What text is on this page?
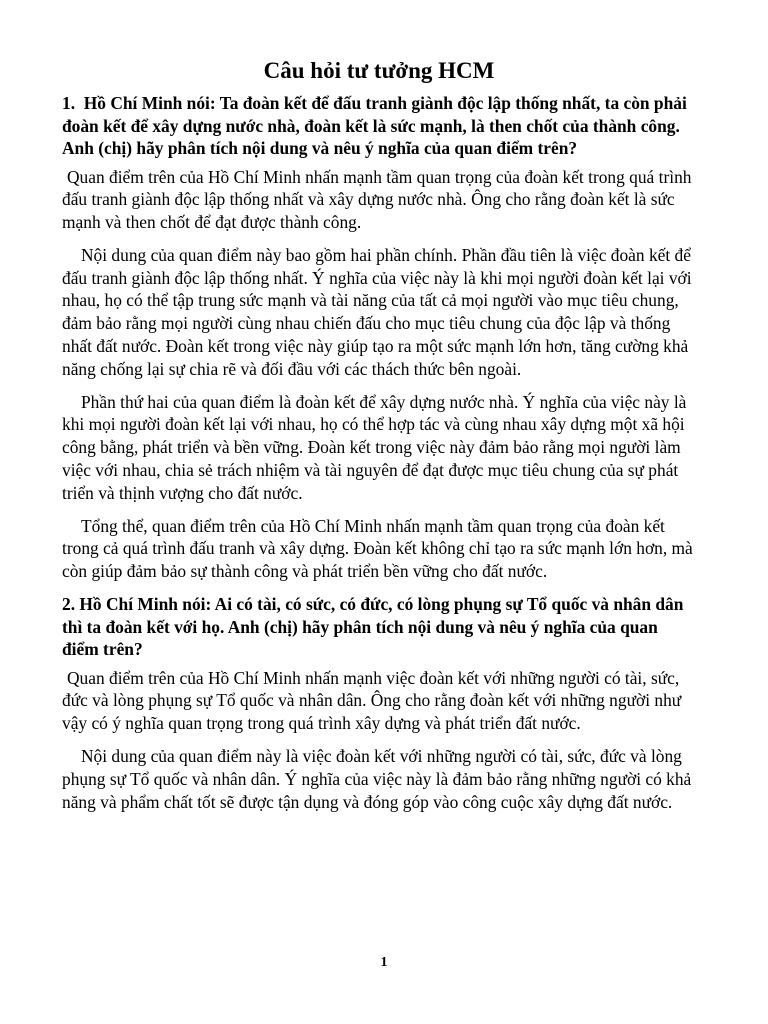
Câu hỏi tư tưởng HCM

1. Hồ Chí Minh nói: Ta đoàn kết để đấu tranh giành độc lập thống nhất, ta còn phải đoàn kết để xây dựng nước nhà, đoàn kết là sức mạnh, là then chốt của thành công. Anh (chị) hãy phân tích nội dung và nêu ý nghĩa của quan điểm trên?

Quan điểm trên của Hồ Chí Minh nhấn mạnh tầm quan trọng của đoàn kết trong quá trình đấu tranh giành độc lập thống nhất và xây dựng nước nhà. Ông cho rằng đoàn kết là sức mạnh và then chốt để đạt được thành công.

Nội dung của quan điểm này bao gồm hai phần chính. Phần đầu tiên là việc đoàn kết để đấu tranh giành độc lập thống nhất. Ý nghĩa của việc này là khi mọi người đoàn kết lại với nhau, họ có thể tập trung sức mạnh và tài năng của tất cả mọi người vào mục tiêu chung, đảm bảo rằng mọi người cùng nhau chiến đấu cho mục tiêu chung của độc lập và thống nhất đất nước. Đoàn kết trong việc này giúp tạo ra một sức mạnh lớn hơn, tăng cường khả năng chống lại sự chia rẽ và đối đầu với các thách thức bên ngoài.

Phần thứ hai của quan điểm là đoàn kết để xây dựng nước nhà. Ý nghĩa của việc này là khi mọi người đoàn kết lại với nhau, họ có thể hợp tác và cùng nhau xây dựng một xã hội công bằng, phát triển và bền vững. Đoàn kết trong việc này đảm bảo rằng mọi người làm việc với nhau, chia sẻ trách nhiệm và tài nguyên để đạt được mục tiêu chung của sự phát triển và thịnh vượng cho đất nước.

Tổng thể, quan điểm trên của Hồ Chí Minh nhấn mạnh tầm quan trọng của đoàn kết trong cả quá trình đấu tranh và xây dựng. Đoàn kết không chỉ tạo ra sức mạnh lớn hơn, mà còn giúp đảm bảo sự thành công và phát triển bền vững cho đất nước.

2. Hồ Chí Minh nói: Ai có tài, có sức, có đức, có lòng phụng sự Tổ quốc và nhân dân thì ta đoàn kết với họ. Anh (chị) hãy phân tích nội dung và nêu ý nghĩa của quan điểm trên?

Quan điểm trên của Hồ Chí Minh nhấn mạnh việc đoàn kết với những người có tài, sức, đức và lòng phụng sự Tổ quốc và nhân dân. Ông cho rằng đoàn kết với những người như vậy có ý nghĩa quan trọng trong quá trình xây dựng và phát triển đất nước.

Nội dung của quan điểm này là việc đoàn kết với những người có tài, sức, đức và lòng phụng sự Tổ quốc và nhân dân. Ý nghĩa của việc này là đảm bảo rằng những người có khả năng và phẩm chất tốt sẽ được tận dụng và đóng góp vào công cuộc xây dựng đất nước.

1
